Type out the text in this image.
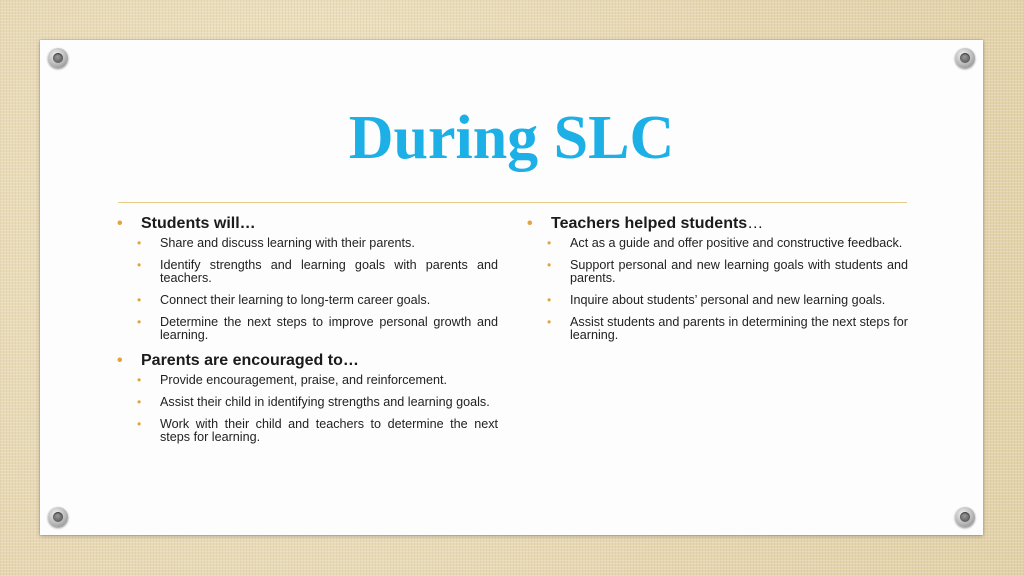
During SLC
• Students will…
• Share and discuss learning with their parents.
• Identify strengths and learning goals with parents and teachers.
• Connect their learning to long-term career goals.
• Determine the next steps to improve personal growth and learning.
• Parents are encouraged to…
• Provide encouragement, praise, and reinforcement.
• Assist their child in identifying strengths and learning goals.
• Work with their child and teachers to determine the next steps for learning.
• Teachers helped students…
• Act as a guide and offer positive and constructive feedback.
• Support personal and new learning goals with students and parents.
• Inquire about students’ personal and new learning goals.
• Assist students and parents in determining the next steps for learning.
